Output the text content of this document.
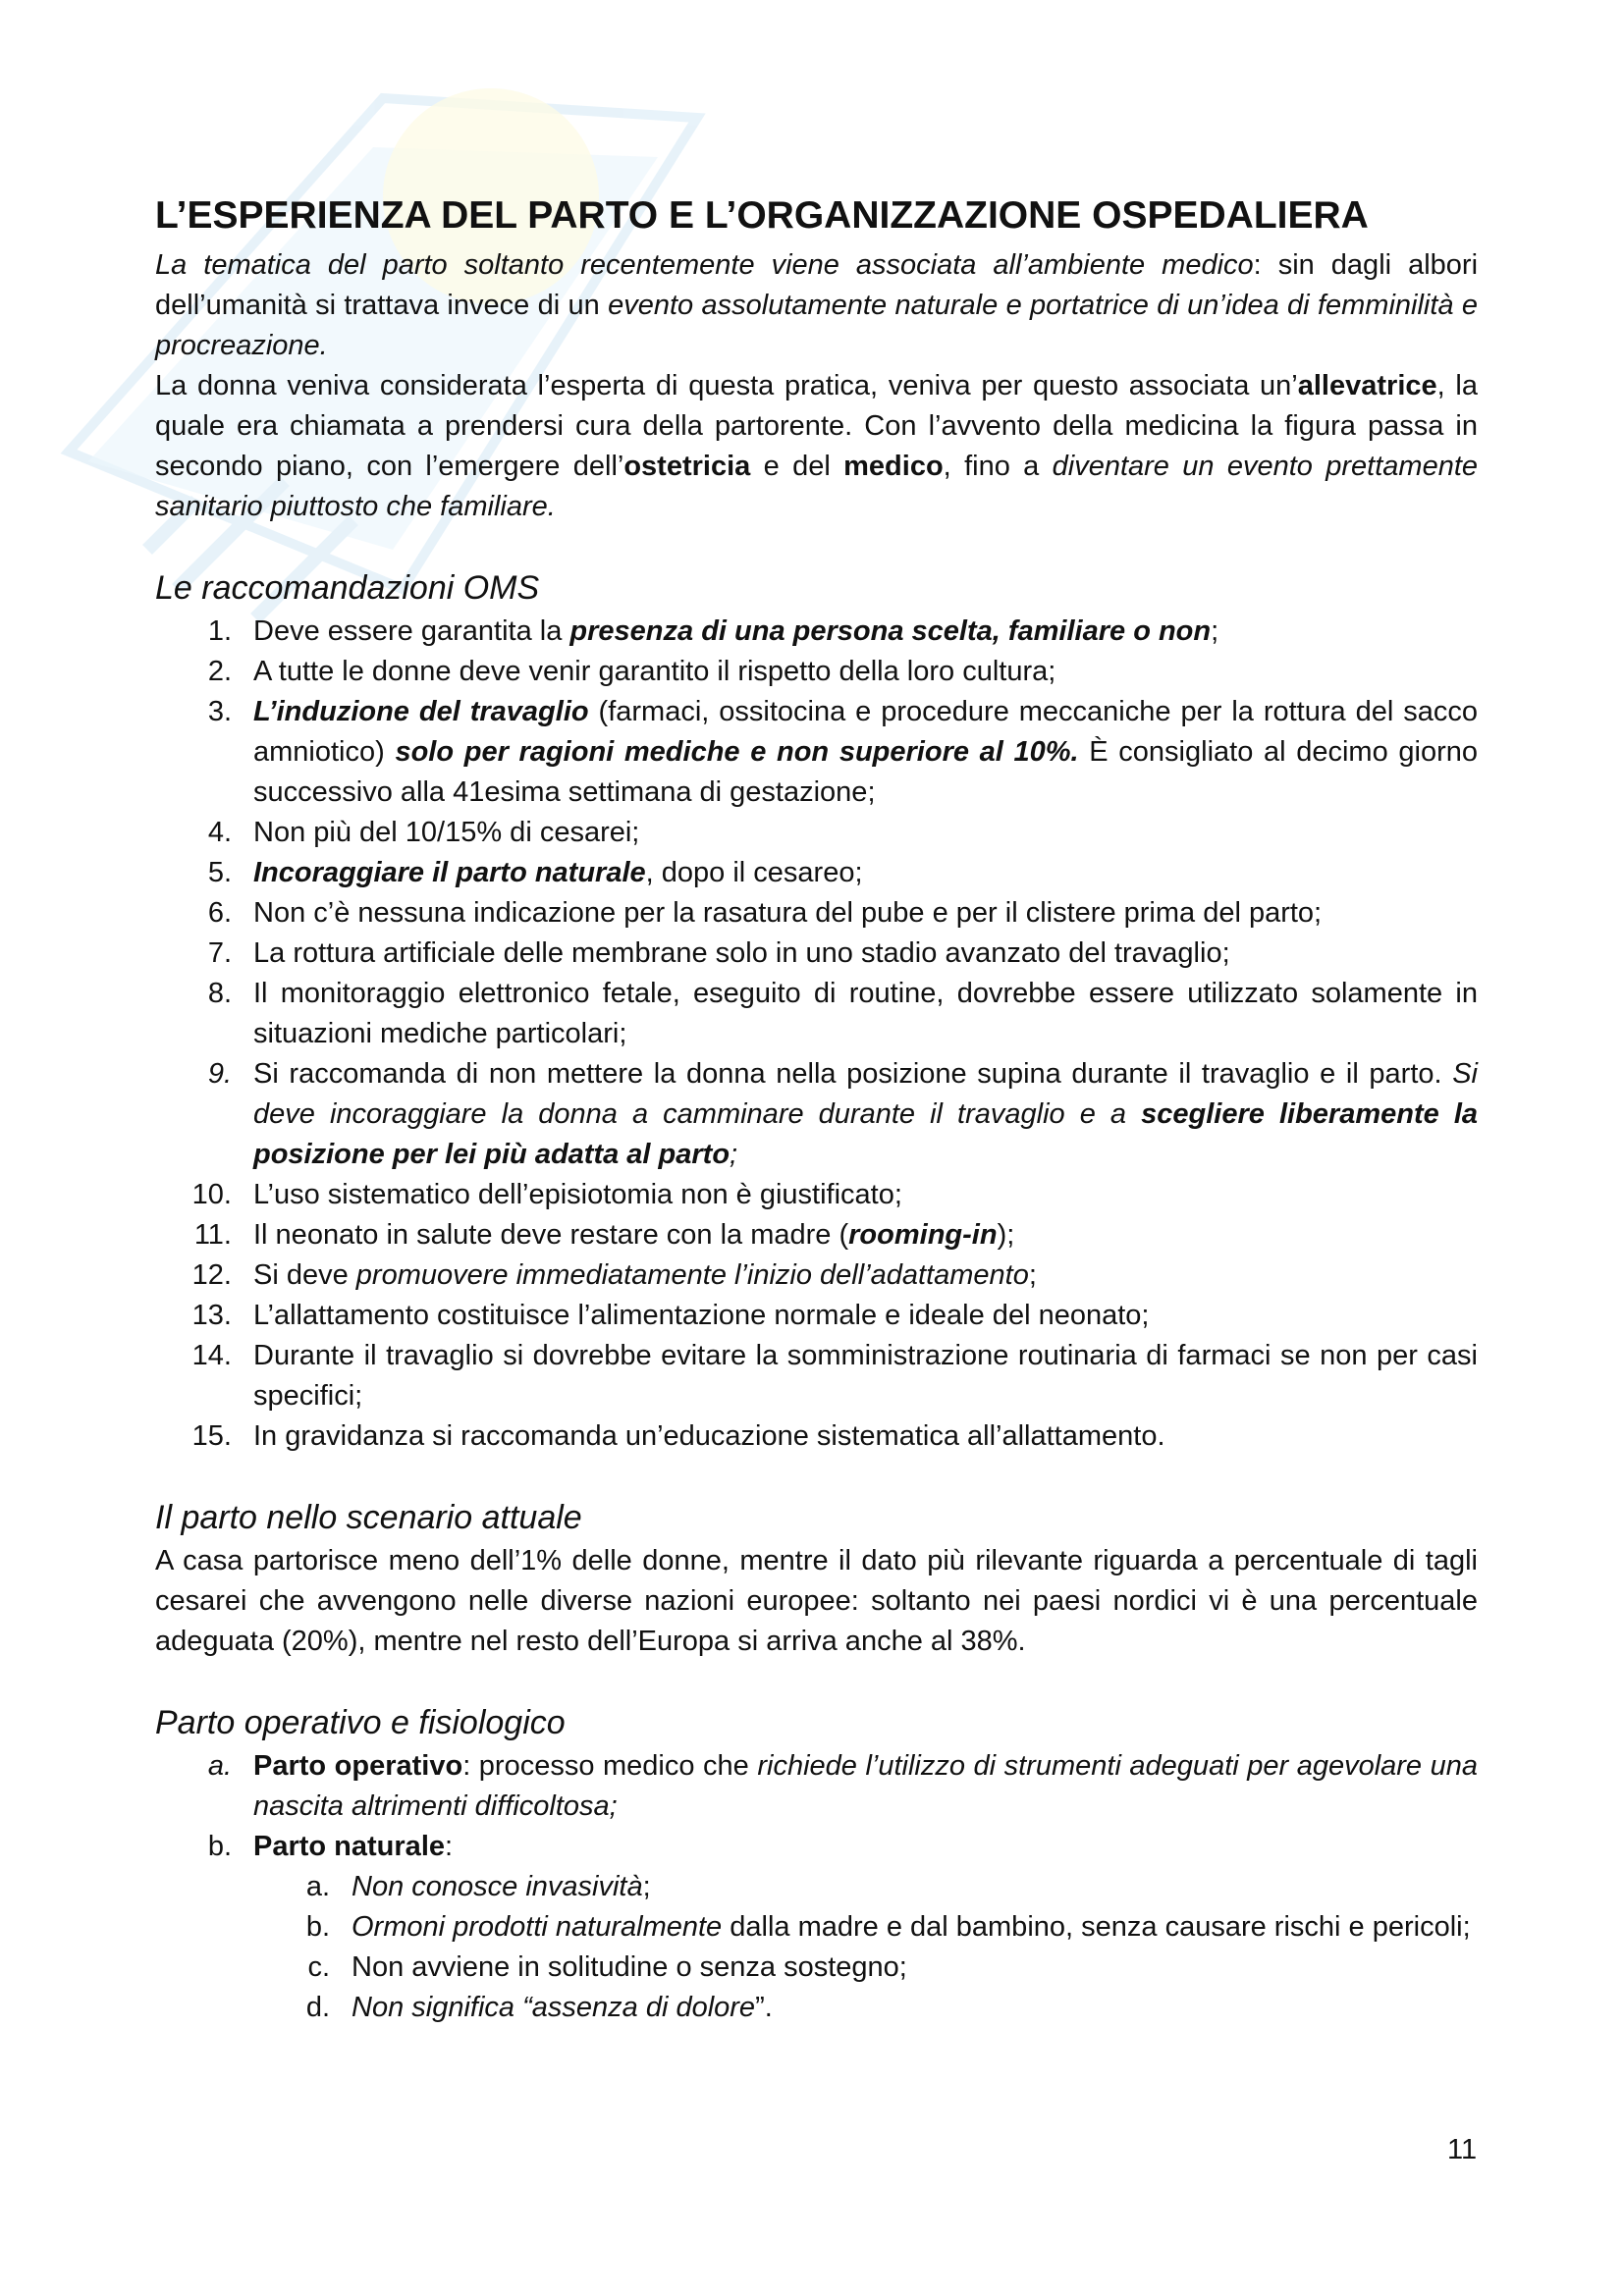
L’ESPERIENZA DEL PARTO E L’ORGANIZZAZIONE OSPEDALIERA

La tematica del parto soltanto recentemente viene associata all’ambiente medico: sin dagli albori dell’umanità si trattava invece di un evento assolutamente naturale e portatrice di un’idea di femminilità e procreazione.

La donna veniva considerata l’esperta di questa pratica, veniva per questo associata un’allevatrice, la quale era chiamata a prendersi cura della partorente. Con l’avvento della medicina la figura passa in secondo piano, con l’emergere dell’ostetricia e del medico, fino a diventare un evento prettamente sanitario piuttosto che familiare.

Le raccomandazioni OMS
1. Deve essere garantita la presenza di una persona scelta, familiare o non;
2. A tutte le donne deve venir garantito il rispetto della loro cultura;
3. L’induzione del travaglio (farmaci, ossitocina e procedure meccaniche per la rottura del sacco amniotico) solo per ragioni mediche e non superiore al 10%. È consigliato al decimo giorno successivo alla 41esima settimana di gestazione;
4. Non più del 10/15% di cesarei;
5. Incoraggiare il parto naturale, dopo il cesareo;
6. Non c’è nessuna indicazione per la rasatura del pube e per il clistere prima del parto;
7. La rottura artificiale delle membrane solo in uno stadio avanzato del travaglio;
8. Il monitoraggio elettronico fetale, eseguito di routine, dovrebbe essere utilizzato solamente in situazioni mediche particolari;
9. Si raccomanda di non mettere la donna nella posizione supina durante il travaglio e il parto. Si deve incoraggiare la donna a camminare durante il travaglio e a scegliere liberamente la posizione per lei più adatta al parto;
10. L’uso sistematico dell’episiotomia non è giustificato;
11. Il neonato in salute deve restare con la madre (rooming-in);
12. Si deve promuovere immediatamente l’inizio dell’adattamento;
13. L’allattamento costituisce l’alimentazione normale e ideale del neonato;
14. Durante il travaglio si dovrebbe evitare la somministrazione routinaria di farmaci se non per casi specifici;
15. In gravidanza si raccomanda un’educazione sistematica all’allattamento.
Il parto nello scenario attuale

A casa partorisce meno dell’1% delle donne, mentre il dato più rilevante riguarda a percentuale di tagli cesarei che avvengono nelle diverse nazioni europee: soltanto nei paesi nordici vi è una percentuale adeguata (20%), mentre nel resto dell’Europa si arriva anche al 38%.

Parto operativo e fisiologico
a. Parto operativo: processo medico che richiede l’utilizzo di strumenti adeguati per agevolare una nascita altrimenti difficoltosa;
b. Parto naturale:
a. Non conosce invasività;
b. Ormoni prodotti naturalmente dalla madre e dal bambino, senza causare rischi e pericoli;
c. Non avviene in solitudine o senza sostegno;
d. Non significa “assenza di dolore”.
11
